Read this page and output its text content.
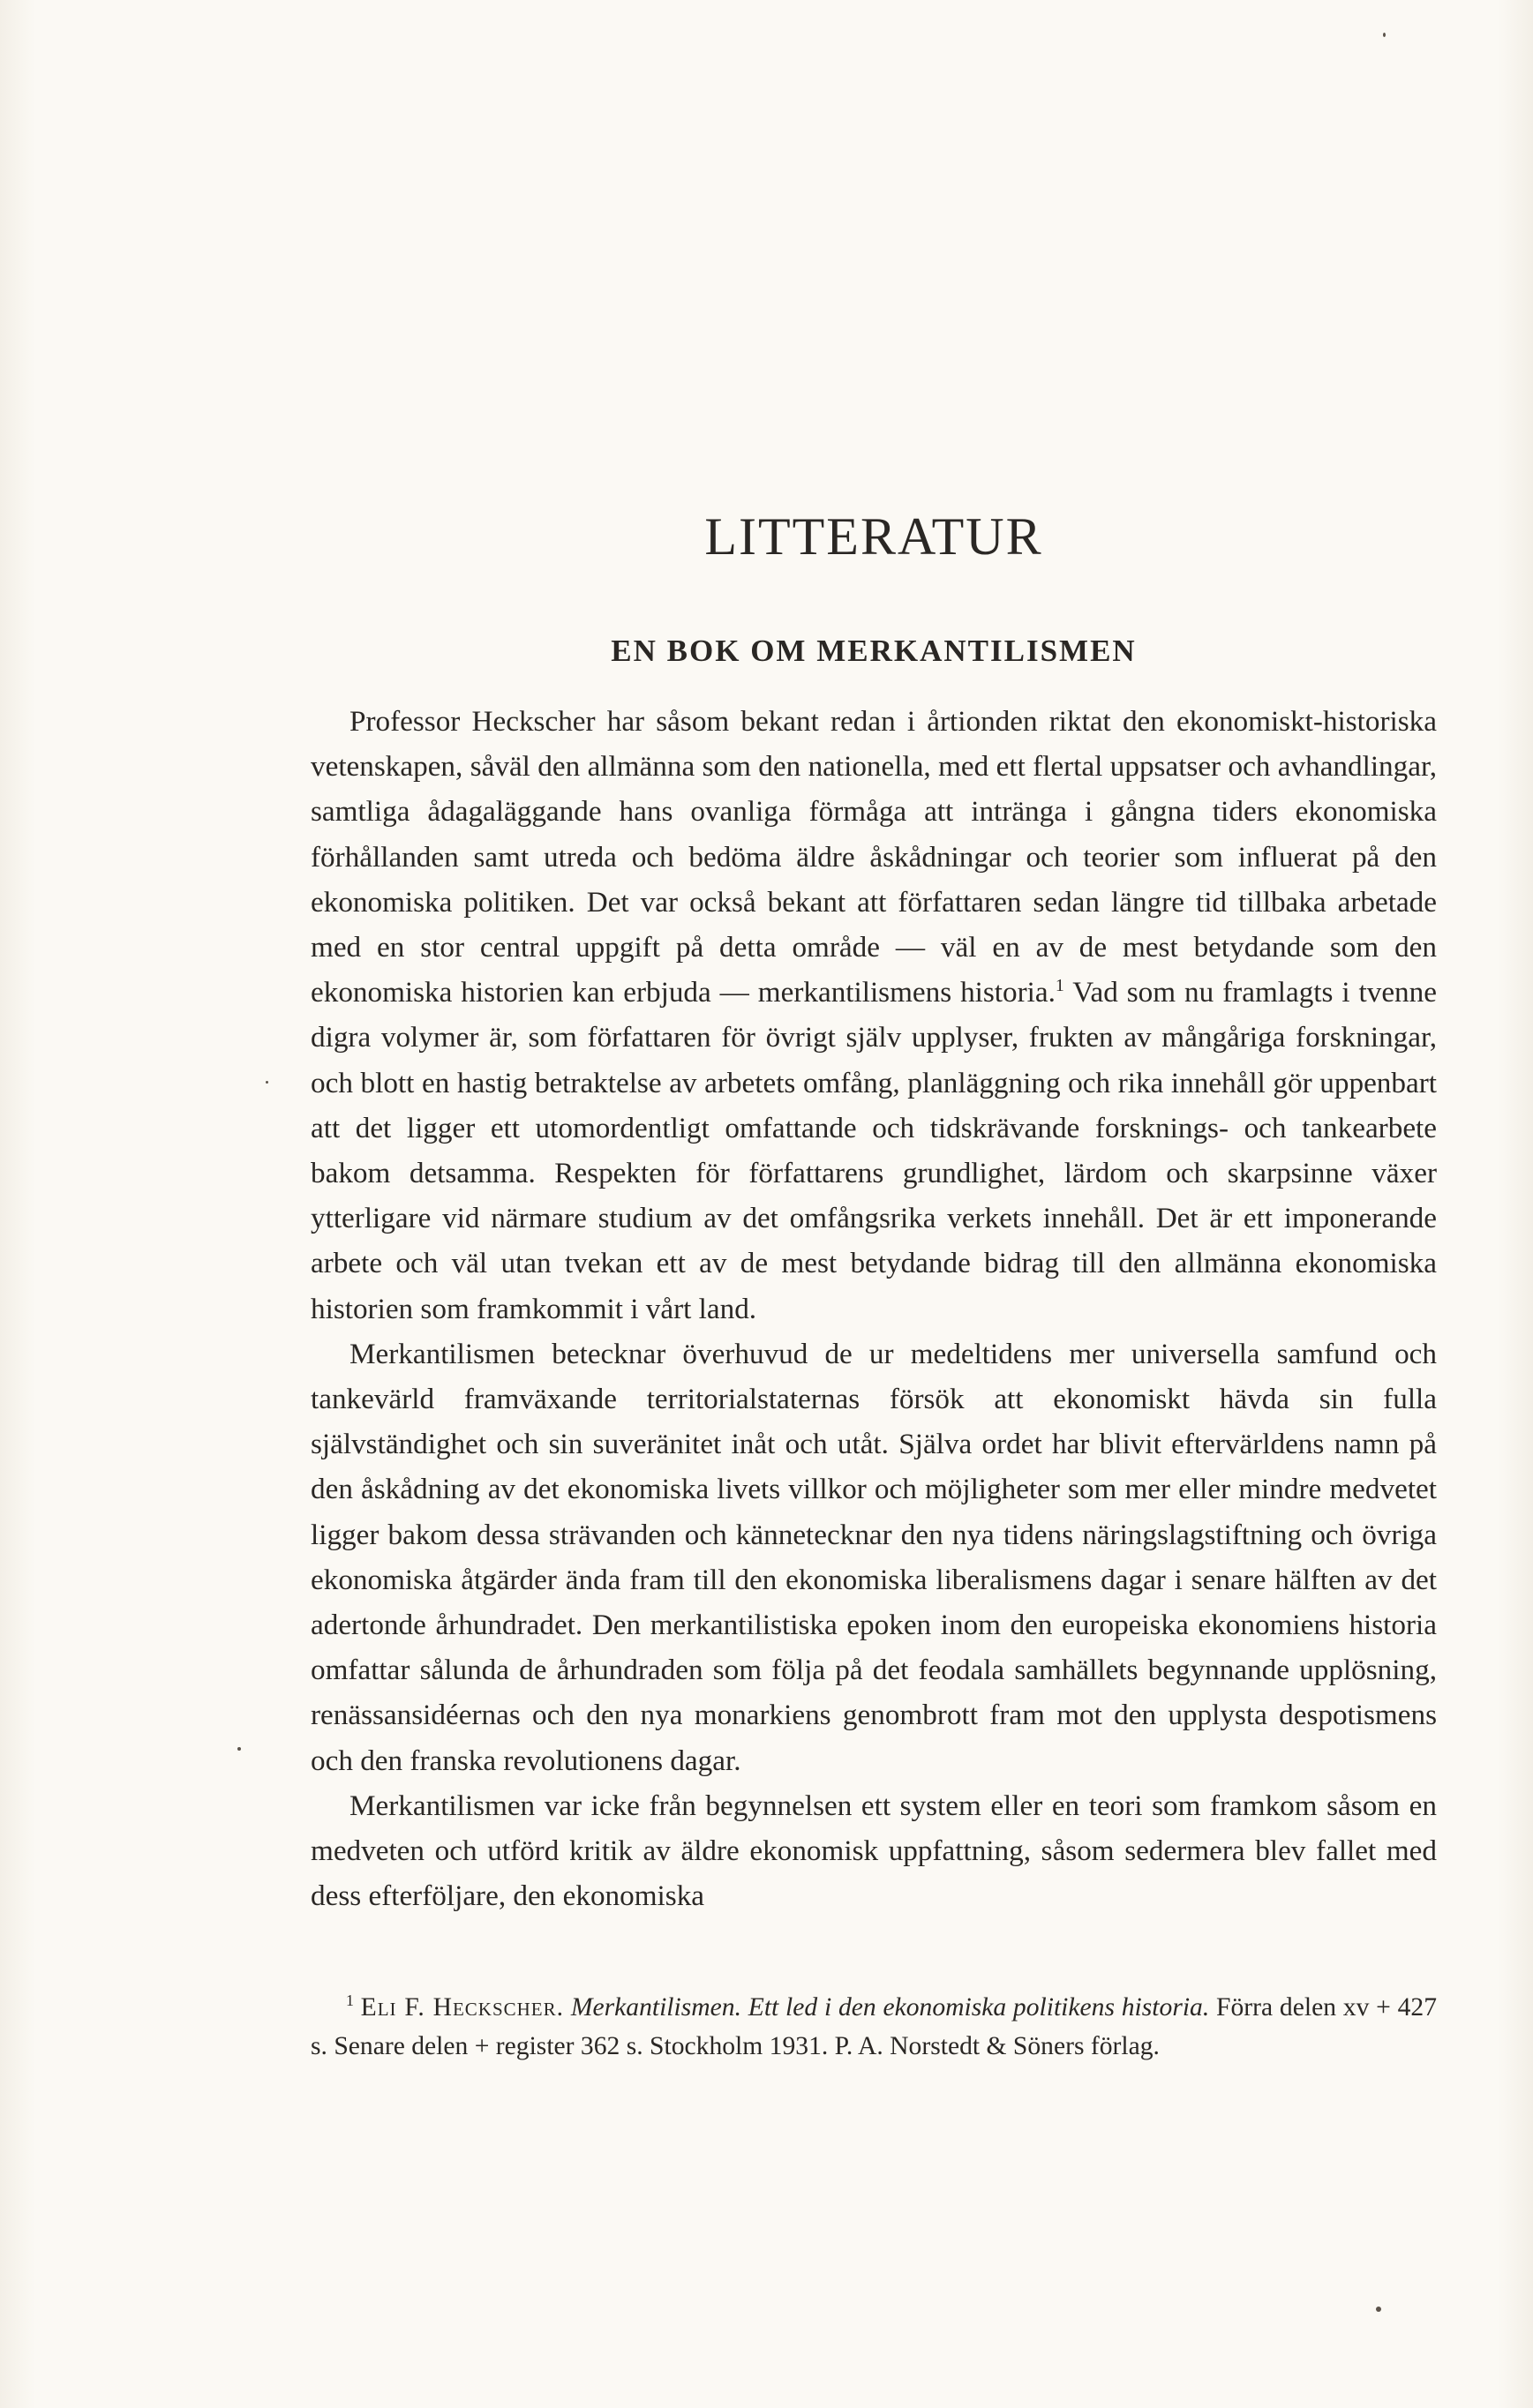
LITTERATUR
EN BOK OM MERKANTILISMEN

Professor Heckscher har såsom bekant redan i årtionden riktat den ekonomiskt-historiska vetenskapen, såväl den allmänna som den nationella, med ett flertal uppsatser och avhandlingar, samtliga ådagaläggande hans ovanliga förmåga att intränga i gångna tiders ekonomiska förhållanden samt utreda och bedöma äldre åskådningar och teorier som influerat på den ekonomiska politiken. Det var också bekant att författaren sedan längre tid tillbaka arbetade med en stor central uppgift på detta område — väl en av de mest betydande som den ekonomiska historien kan erbjuda — merkantilismens historia.$^1$ Vad som nu framlagts i tvenne digra volymer är, som författaren för övrigt själv upplyser, frukten av mångåriga forskningar, och blott en hastig betraktelse av arbetets omfång, planläggning och rika innehåll gör uppenbart att det ligger ett utomordentligt omfattande och tidskrävande forsknings- och tankearbete bakom detsamma. Respekten för författarens grundlighet, lärdom och skarpsinne växer ytterligare vid närmare studium av det omfångsrika verkets innehåll. Det är ett imponerande arbete och väl utan tvekan ett av de mest betydande bidrag till den allmänna ekonomiska historien som framkommit i vårt land.

Merkantilismen betecknar överhuvud de ur medeltidens mer universella samfund och tankevärld framväxande territorialstaternas försök att ekonomiskt hävda sin fulla självständighet och sin suveränitet inåt och utåt. Själva ordet har blivit eftervärldens namn på den åskådning av det ekonomiska livets villkor och möjligheter som mer eller mindre medvetet ligger bakom dessa strävanden och kännetecknar den nya tidens näringslagstiftning och övriga ekonomiska åtgärder ända fram till den ekonomiska liberalismens dagar i senare hälften av det adertonde århundradet. Den merkantilistiska epoken inom den europeiska ekonomiens historia omfattar sålunda de århundraden som följa på det feodala samhällets begynnande upplösning, renässansidéernas och den nya monarkiens genombrott fram mot den upplysta despotismens och den franska revolutionens dagar.

Merkantilismen var icke från begynnelsen ett system eller en teori som framkom såsom en medveten och utförd kritik av äldre ekonomisk uppfattning, såsom sedermera blev fallet med dess efterföljare, den ekonomiska

$^1$ Eli F. Heckscher. Merkantilismen. Ett led i den ekonomiska politikens historia. Förra delen xv + 427 s. Senare delen + register 362 s. Stockholm 1931. P. A. Norstedt & Söners förlag.
